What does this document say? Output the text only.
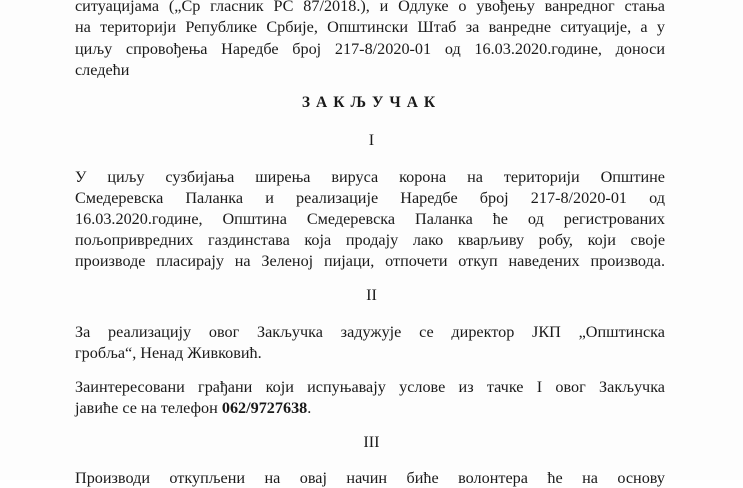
ситуацијама („Ср гласник РС 87/2018.), и Одлуке о увођењу ванредног стања
на територији Републике Србије, Општински Штаб за ванредне ситуације, а у
циљу спровођења Наредбе број 217-8/2020-01 од 16.03.2020.године, доноси
следећи
ЗАКЉУЧАК
I
У циљу сузбијања ширења вируса корона на територији Општине
Смедеревска Паланка и реализације Наредбе број 217-8/2020-01 од
16.03.2020.године, Општина Смедеревска Паланка ће од регистрованих
пољопривредних газдинстава која продају лако кварљиву робу, који своје
производе пласирају на Зеленој пијаци, отпочети откуп наведених производа.
II
За реализацију овог Закључка задужује се директор ЈКП „Општинска
гробља“, Ненад Живковић.
Заинтересовани грађани који испуњавају услове из тачке I овог Закључка
јавиће се на телефон 062/9727638.
III
Производи откупљени на овај начин биће волонтера ће на основу
